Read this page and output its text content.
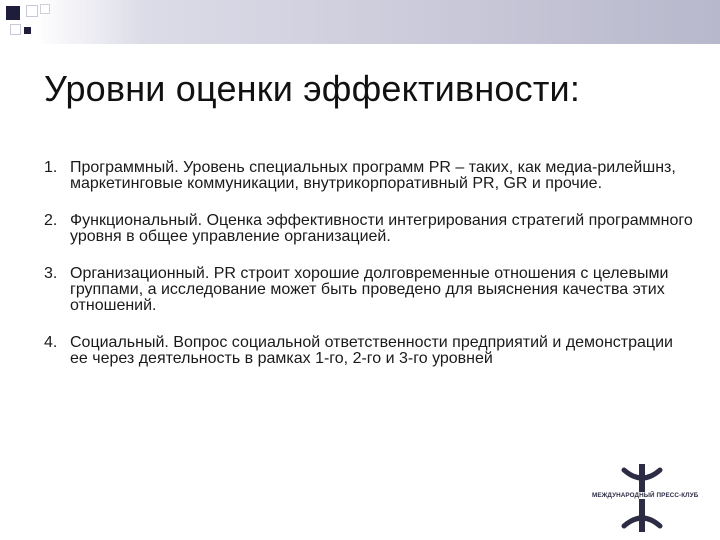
Уровни оценки эффективности:
1. Программный. Уровень специальных программ PR – таких, как медиа-рилейшнз, маркетинговые коммуникации, внутрикорпоративный PR, GR и прочие.
2. Функциональный. Оценка эффективности интегрирования стратегий программного уровня в общее управление организацией.
3. Организационный. PR строит хорошие долговременные отношения с целевыми группами, а исследование может быть проведено для выяснения качества этих отношений.
4. Социальный. Вопрос социальной ответственности предприятий и демонстрации ее через деятельность в рамках 1-го, 2-го и 3-го уровней
МЕЖДУНАРОДНЫЙ ПРЕСС-КЛУБ
